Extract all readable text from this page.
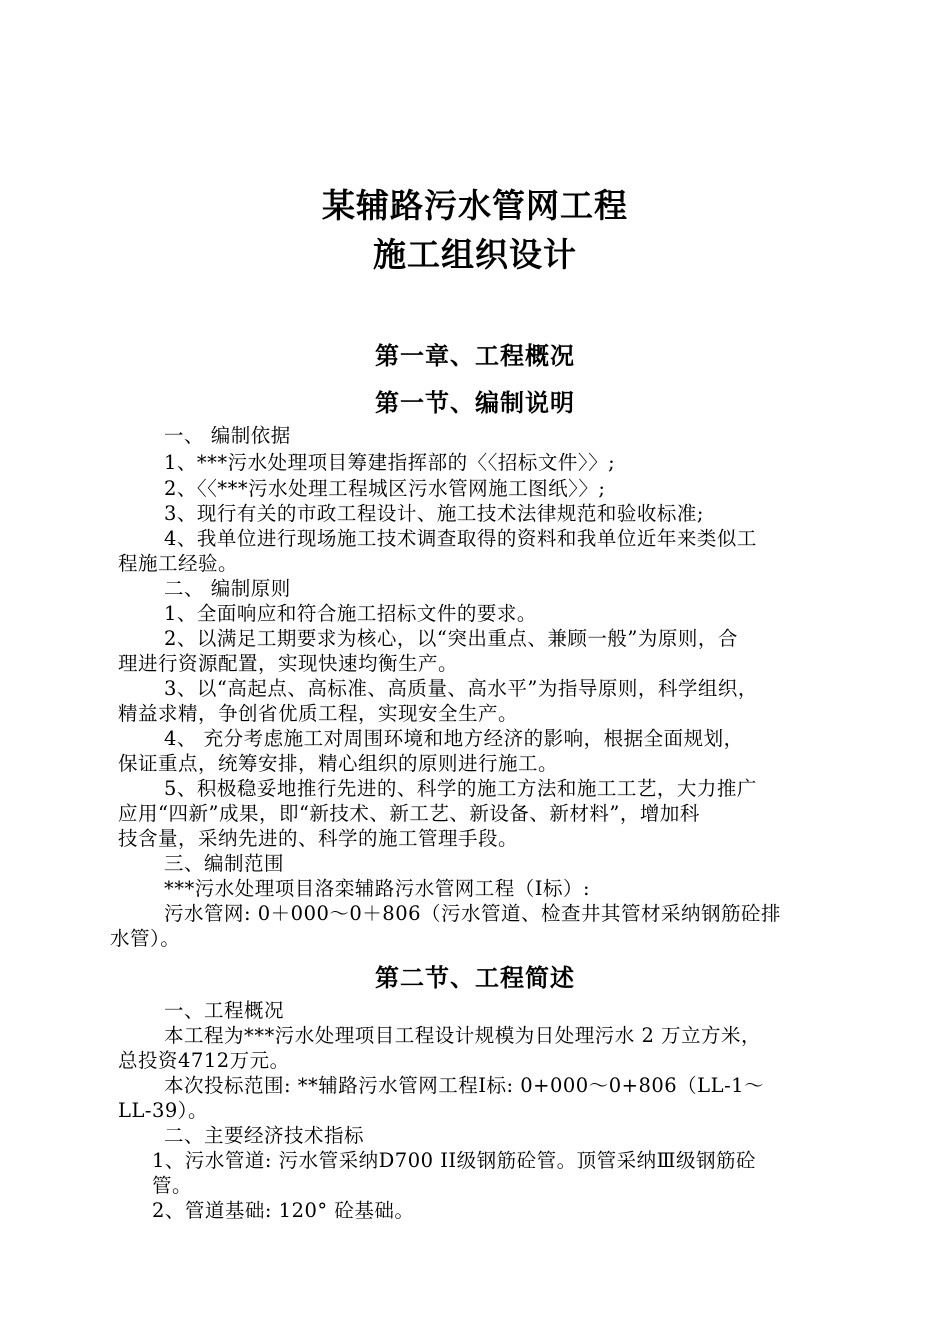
某辅路污水管网工程
施工组织设计
第一章、工程概况
第一节、编制说明
一、 编制依据
1、***污水处理项目筹建指挥部的〈〈招标文件〉〉;
2、〈〈***污水处理工程城区污水管网施工图纸〉〉;
3、现行有关的市政工程设计、施工技术法律规范和验收标准;
4、我单位进行现场施工技术调查取得的资料和我单位近年来类似工
程施工经验。
二、 编制原则
1、全面响应和符合施工招标文件的要求。
2、以满足工期要求为核心，以“突出重点、兼顾一般”为原则，合
理进行资源配置，实现快速均衡生产。
3、以“高起点、高标准、高质量、高水平”为指导原则，科学组织，
精益求精，争创省优质工程，实现安全生产。
4、 充分考虑施工对周围环境和地方经济的影响，根据全面规划，
保证重点，统筹安排，精心组织的原则进行施工。
5、积极稳妥地推行先进的、科学的施工方法和施工工艺，大力推广
应用“四新”成果，即“新技术、新工艺、新设备、新材料”，增加科
技含量，采纳先进的、科学的施工管理手段。
三、编制范围
***污水处理项目洛栾辅路污水管网工程（Ⅰ标）:
污水管网: 0＋000～0＋806（污水管道、检查井其管材采纳钢筋砼排
水管）。
第二节、工程简述
一、工程概况
本工程为***污水处理项目工程设计规模为日处理污水 2 万立方米，
总投资4712万元。
本次投标范围: **辅路污水管网工程Ⅰ标: 0+000～0+806（LL-1～
LL-39）。
二、主要经济技术指标
1、污水管道: 污水管采纳D700 II级钢筋砼管。顶管采纳Ⅲ级钢筋砼
管。
2、管道基础: 120° 砼基础。
